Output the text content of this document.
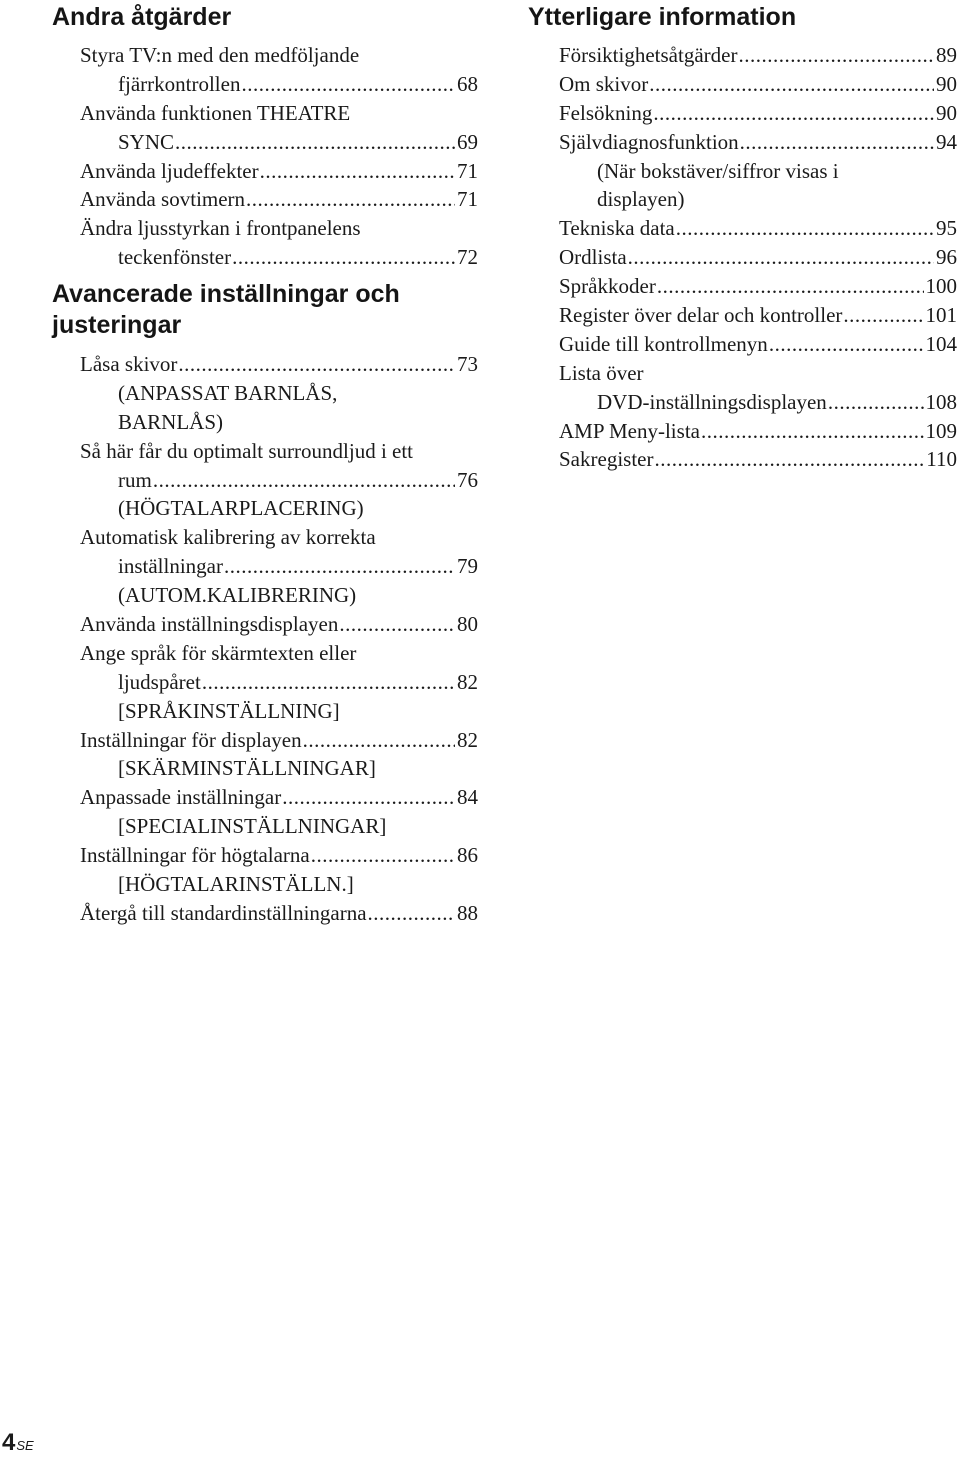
Andra åtgärder
Styra TV:n med den medföljande
fjärrkontrollen .....	68
Använda funktionen THEATRE
SYNC .....	69
Använda ljudeffekter .....	71
Använda sovtimern .....	71
Ändra ljusstyrkan i frontpanelens
teckenfönster .....	72
Avancerade inställningar och justeringar
Låsa skivor .....	73
(ANPASSAT BARNLÅS,
BARNLÅS)
Så här får du optimalt surroundljud i ett
rum .....	76
(HÖGTALARPLACERING)
Automatisk kalibrering av korrekta
inställningar .....	79
(AUTOM.KALIBRERING)
Använda inställningsdisplayen .....	80
Ange språk för skärmtexten eller
ljudspåret .....	82
[SPRÅKINSTÄLLNING]
Inställningar för displayen .....	82
[SKÄRMINSTÄLLNINGAR]
Anpassade inställningar .....	84
[SPECIALINSTÄLLNINGAR]
Inställningar för högtalarna .....	86
[HÖGTALARINSTÄLLN.]
Återgå till standardinställningarna .....	88
Ytterligare information
Försiktighetsåtgärder .....	89
Om skivor .....	90
Felsökning .....	90
Självdiagnosfunktion .....	94
(När bokstäver/siffror visas i
displayen)
Tekniska data .....	95
Ordlista .....	96
Språkkoder .....	100
Register över delar och kontroller .....	101
Guide till kontrollmenyn .....	104
Lista över
DVD-inställningsdisplayen .....	108
AMP Meny-lista .....	109
Sakregister .....	110
$4^{SE}$
